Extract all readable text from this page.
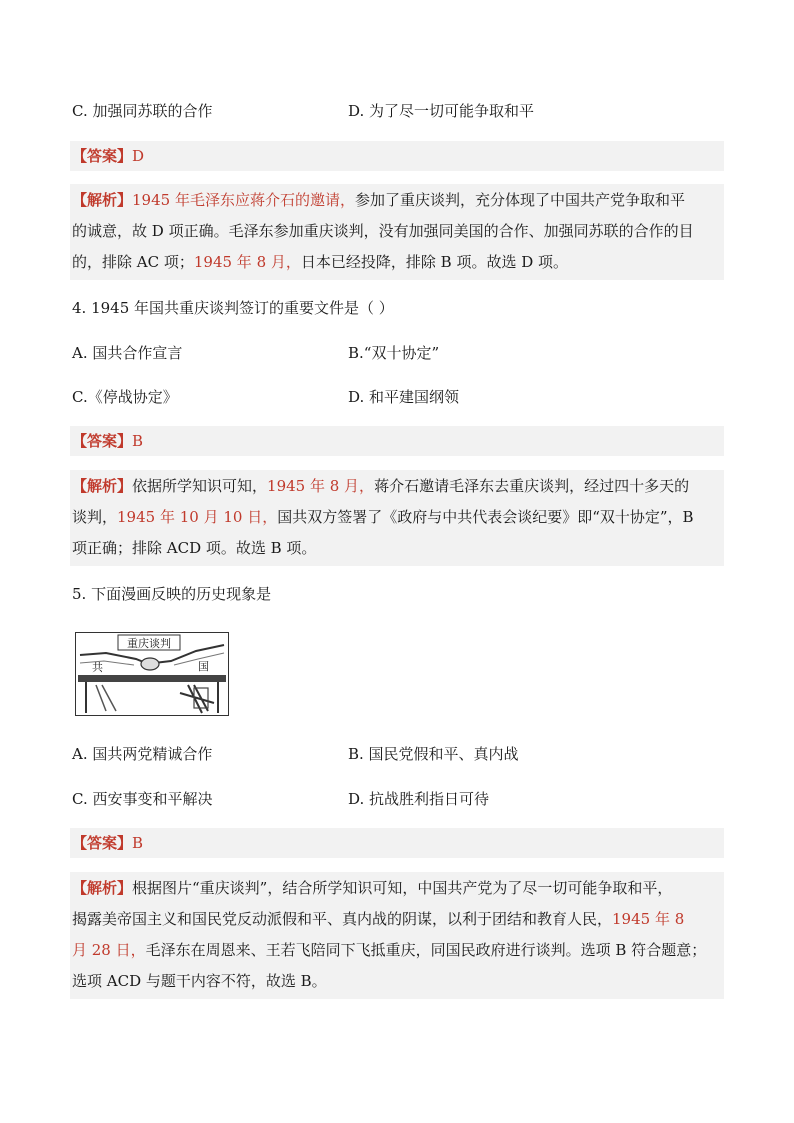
C. 加强同苏联的合作	D. 为了尽一切可能争取和平
【答案】D
【解析】1945 年毛泽东应蒋介石的邀请，参加了重庆谈判，充分体现了中国共产党争取和平
的诚意，故 D 项正确。毛泽东参加重庆谈判，没有加强同美国的合作、加强同苏联的合作的目
的，排除 AC 项；1945 年 8 月，日本已经投降，排除 B 项。故选 D 项。
4. 1945 年国共重庆谈判签订的重要文件是（ ）
A. 国共合作宣言	B.“双十协定”
C.《停战协定》	D. 和平建国纲领
【答案】B
【解析】依据所学知识可知，1945 年 8 月，蒋介石邀请毛泽东去重庆谈判，经过四十多天的
谈判，1945 年 10 月 10 日，国共双方签署了《政府与中共代表会谈纪要》即“双十协定”，B
项正确；排除 ACD 项。故选 B 项。
5. 下面漫画反映的历史现象是
重庆谈判
共	国
A. 国共两党精诚合作	B. 国民党假和平、真内战
C. 西安事变和平解决	D. 抗战胜利指日可待
【答案】B
【解析】根据图片“重庆谈判”，结合所学知识可知，中国共产党为了尽一切可能争取和平，
揭露美帝国主义和国民党反动派假和平、真内战的阴谋，以利于团结和教育人民，1945 年 8
月 28 日，毛泽东在周恩来、王若飞陪同下飞抵重庆，同国民政府进行谈判。选项 B 符合题意；
选项 ACD 与题干内容不符，故选 B。
